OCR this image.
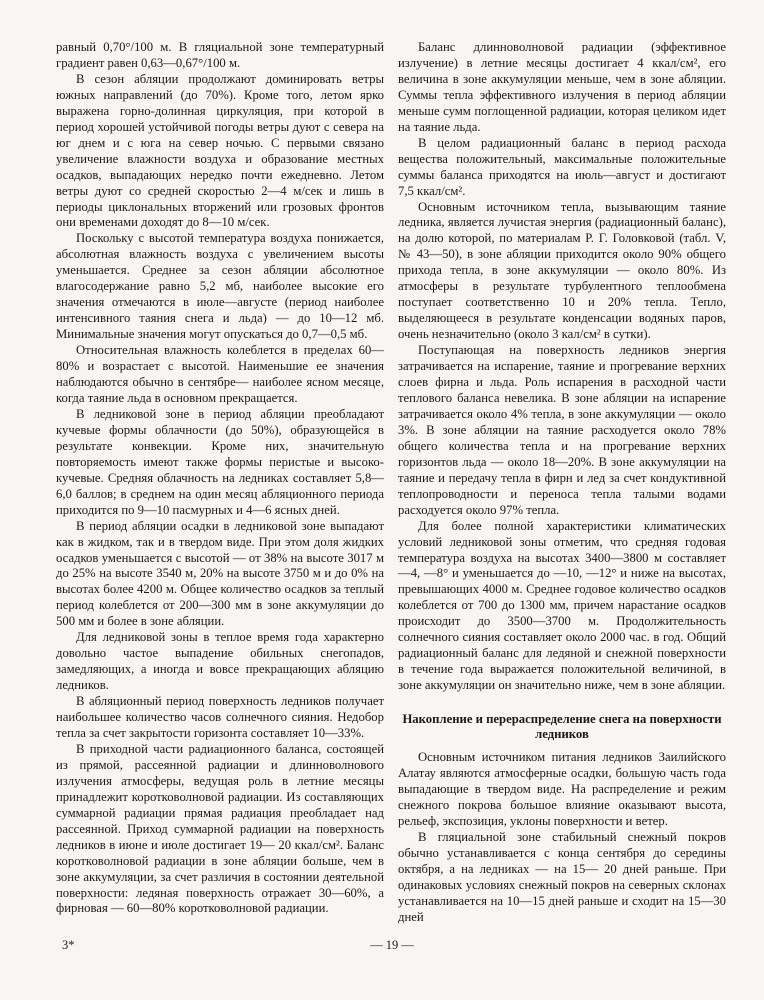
равный 0,70°/100 м. В гляциальной зоне температурный градиент равен 0,63—0,67°/100 м.

В сезон абляции продолжают доминировать ветры южных направлений (до 70%). Кроме того, летом ярко выражена горно-долинная циркуляция, при которой в период хорошей устойчивой погоды ветры дуют с севера на юг днем и с юга на север ночью. С первыми связано увеличение влажности воздуха и образование местных осадков, выпадающих нередко почти ежедневно. Летом ветры дуют со средней скоростью 2—4 м/сек и лишь в периоды циклональных вторжений или грозовых фронтов они временами доходят до 8—10 м/сек.

Поскольку с высотой температура воздуха понижается, абсолютная влажность воздуха с увеличением высоты уменьшается. Среднее за сезон абляции абсолютное влагосодержание равно 5,2 мб, наиболее высокие его значения отмечаются в июле—августе (период наиболее интенсивного таяния снега и льда) — до 10—12 мб. Минимальные значения могут опускаться до 0,7—0,5 мб.

Относительная влажность колеблется в пределах 60—80% и возрастает с высотой. Наименьшие ее значения наблюдаются обычно в сентябре— наиболее ясном месяце, когда таяние льда в основном прекращается.

В ледниковой зоне в период абляции преобладают кучевые формы облачности (до 50%), образующейся в результате конвекции. Кроме них, значительную повторяемость имеют также формы перистые и высоко-кучевые. Средняя облачность на ледниках составляет 5,8—6,0 баллов; в среднем на один месяц абляционного периода приходится по 9—10 пасмурных и 4—6 ясных дней.

В период абляции осадки в ледниковой зоне выпадают как в жидком, так и в твердом виде. При этом доля жидких осадков уменьшается с высотой — от 38% на высоте 3017 м до 25% на высоте 3540 м, 20% на высоте 3750 м и до 0% на высотах более 4200 м. Общее количество осадков за теплый период колеблется от 200—300 мм в зоне аккумуляции до 500 мм и более в зоне абляции.

Для ледниковой зоны в теплое время года характерно довольно частое выпадение обильных снегопадов, замедляющих, а иногда и вовсе прекращающих абляцию ледников.

В абляционный период поверхность ледников получает наибольшее количество часов солнечного сияния. Недобор тепла за счет закрытости горизонта составляет 10—33%.

В приходной части радиационного баланса, состоящей из прямой, рассеянной радиации и длинноволнового излучения атмосферы, ведущая роль в летние месяцы принадлежит коротковолновой радиации. Из составляющих суммарной радиации прямая радиация преобладает над рассеянной. Приход суммарной радиации на поверхность ледников в июне и июле достигает 19— 20 ккал/см². Баланс коротковолновой радиации в зоне абляции больше, чем в зоне аккумуляции, за счет различия в состоянии деятельной поверхности: ледяная поверхность отражает 30—60%, а фирновая — 60—80% коротковолновой радиации.

Баланс длинноволновой радиации (эффективное излучение) в летние месяцы достигает 4 ккал/см², его величина в зоне аккумуляции меньше, чем в зоне абляции. Суммы тепла эффективного излучения в период абляции меньше сумм поглощенной радиации, которая целиком идет на таяние льда.

В целом радиационный баланс в период расхода вещества положительный, максимальные положительные суммы баланса приходятся на июль—август и достигают 7,5 ккал/см².

Основным источником тепла, вызывающим таяние ледника, является лучистая энергия (радиационный баланс), на долю которой, по материалам Р. Г. Головковой (табл. V, № 43—50), в зоне абляции приходится около 90% общего прихода тепла, в зоне аккумуляции — около 80%. Из атмосферы в результате турбулентного теплообмена поступает соответственно 10 и 20% тепла. Тепло, выделяющееся в результате конденсации водяных паров, очень незначительно (около 3 кал/см² в сутки).

Поступающая на поверхность ледников энергия затрачивается на испарение, таяние и прогревание верхних слоев фирна и льда. Роль испарения в расходной части теплового баланса невелика. В зоне абляции на испарение затрачивается около 4% тепла, в зоне аккумуляции — около 3%. В зоне абляции на таяние расходуется около 78% общего количества тепла и на прогревание верхних горизонтов льда — около 18—20%. В зоне аккумуляции на таяние и передачу тепла в фирн и лед за счет кондуктивной теплопроводности и переноса тепла талыми водами расходуется около 97% тепла.

Для более полной характеристики климатических условий ледниковой зоны отметим, что средняя годовая температура воздуха на высотах 3400—3800 м составляет —4, —8° и уменьшается до —10, —12° и ниже на высотах, превышающих 4000 м. Среднее годовое количество осадков колеблется от 700 до 1300 мм, причем нарастание осадков происходит до 3500—3700 м. Продолжительность солнечного сияния составляет около 2000 час. в год. Общий радиационный баланс для ледяной и снежной поверхности в течение года выражается положительной величиной, в зоне аккумуляции он значительно ниже, чем в зоне абляции.

Накопление и перераспределение снега на поверхности ледников

Основным источником питания ледников Заилийского Алатау являются атмосферные осадки, большую часть года выпадающие в твердом виде. На распределение и режим снежного покрова большое влияние оказывают высота, рельеф, экспозиция, уклоны поверхности и ветер.

В гляциальной зоне стабильный снежный покров обычно устанавливается с конца сентября до середины октября, а на ледниках — на 15— 20 дней раньше. При одинаковых условиях снежный покров на северных склонах устанавливается на 10—15 дней раньше и сходит на 15—30 дней

3*	— 19 —
